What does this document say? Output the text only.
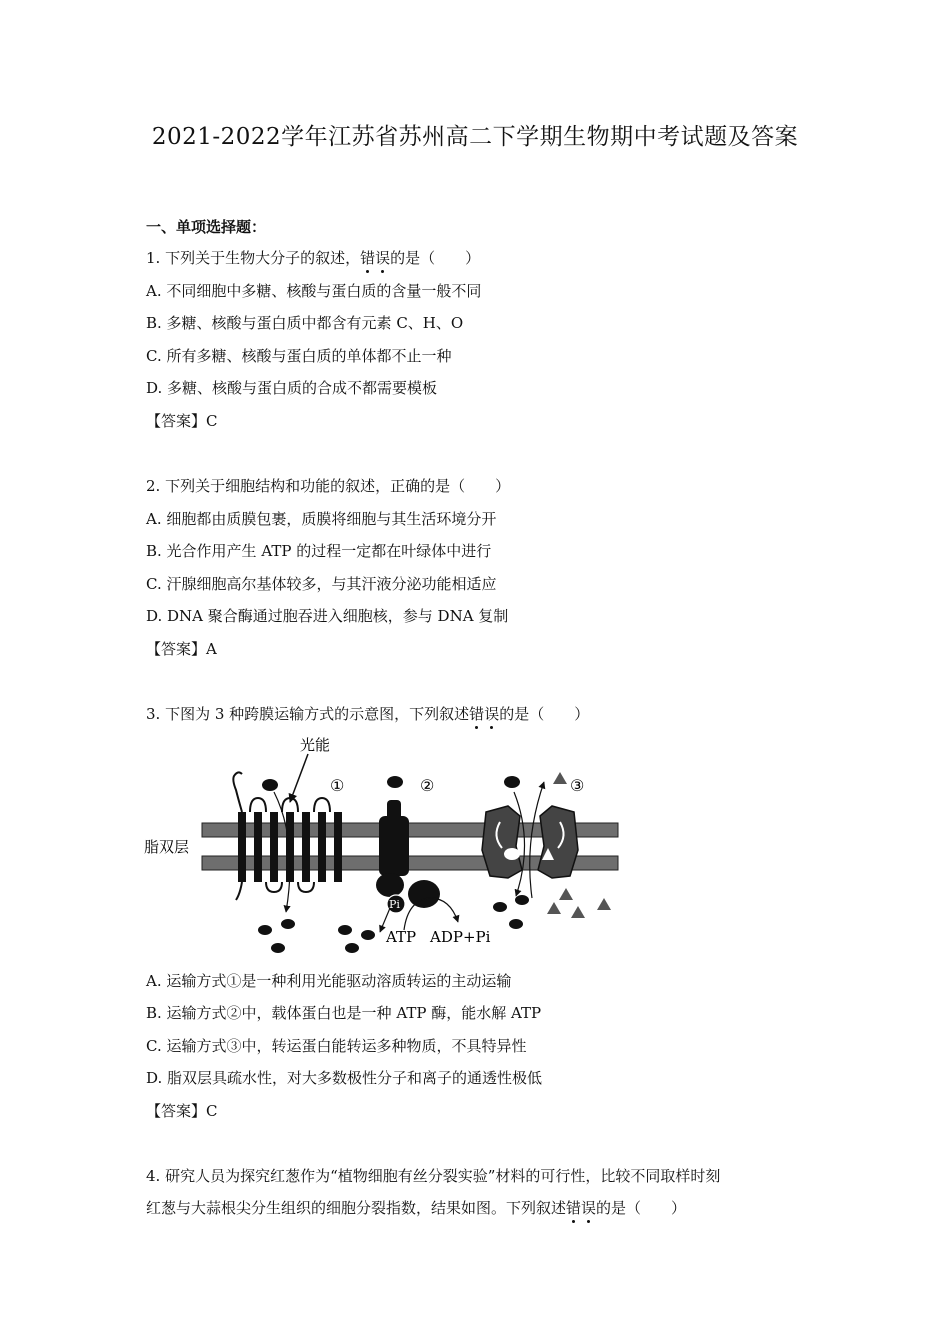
2021-2022学年江苏省苏州高二下学期生物期中考试题及答案
一、单项选择题：
1. 下列关于生物大分子的叙述，错误的是（　　）
A. 不同细胞中多糖、核酸与蛋白质的含量一般不同
B. 多糖、核酸与蛋白质中都含有元素 C、H、O
C. 所有多糖、核酸与蛋白质的单体都不止一种
D. 多糖、核酸与蛋白质的合成不都需要模板
【答案】C
2. 下列关于细胞结构和功能的叙述，正确的是（　　）
A. 细胞都由质膜包裹，质膜将细胞与其生活环境分开
B. 光合作用产生 ATP 的过程一定都在叶绿体中进行
C. 汗腺细胞高尔基体较多，与其汗液分泌功能相适应
D. DNA 聚合酶通过胞吞进入细胞核，参与 DNA 复制
【答案】A
3. 下图为 3 种跨膜运输方式的示意图，下列叙述错误的是（　　）
脂双层
光能
①	②	③
Pi
ATP ADP+Pi
A. 运输方式①是一种利用光能驱动溶质转运的主动运输
B. 运输方式②中，载体蛋白也是一种 ATP 酶，能水解 ATP
C. 运输方式③中，转运蛋白能转运多种物质，不具特异性
D. 脂双层具疏水性，对大多数极性分子和离子的通透性极低
【答案】C
4. 研究人员为探究红葱作为“植物细胞有丝分裂实验”材料的可行性，比较不同取样时刻
红葱与大蒜根尖分生组织的细胞分裂指数，结果如图。下列叙述错误的是（　　）
